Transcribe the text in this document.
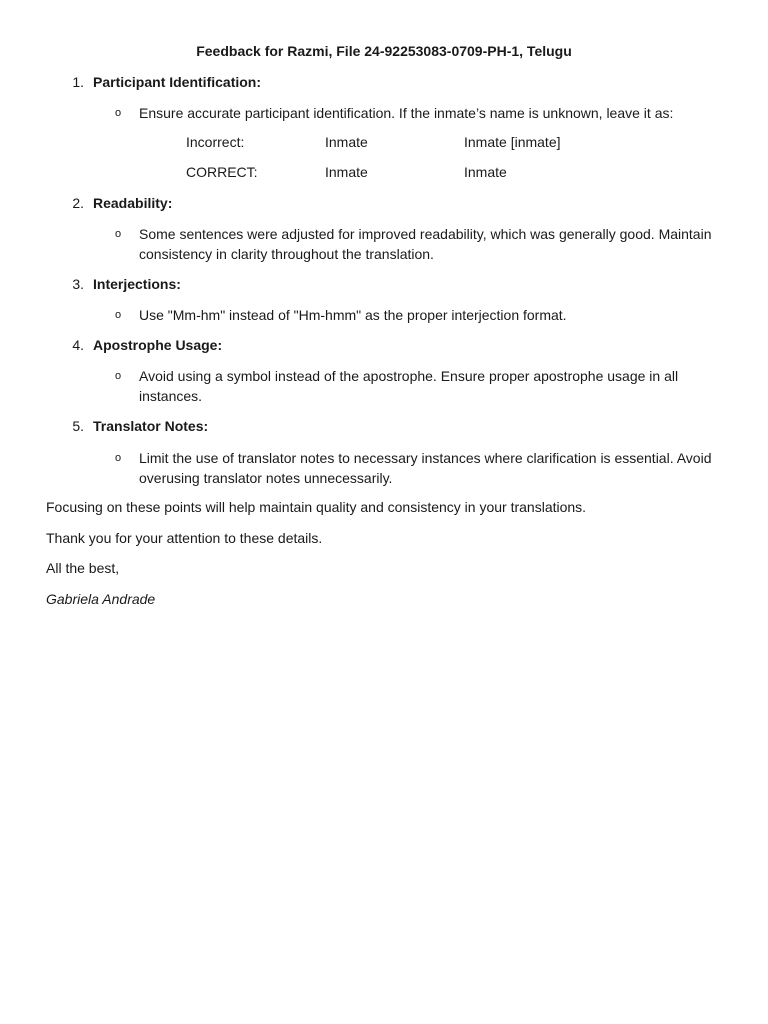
Feedback for Razmi, File 24-92253083-0709-PH-1, Telugu
1. Participant Identification:
o Ensure accurate participant identification. If the inmate’s name is unknown, leave it as:
Incorrect:	Inmate	Inmate [inmate]
CORRECT:	Inmate	Inmate
2. Readability:
o Some sentences were adjusted for improved readability, which was generally good. Maintain consistency in clarity throughout the translation.
3. Interjections:
o Use "Mm-hm" instead of "Hm-hmm" as the proper interjection format.
4. Apostrophe Usage:
o Avoid using a symbol instead of the apostrophe. Ensure proper apostrophe usage in all instances.
5. Translator Notes:
o Limit the use of translator notes to necessary instances where clarification is essential. Avoid overusing translator notes unnecessarily.
Focusing on these points will help maintain quality and consistency in your translations.
Thank you for your attention to these details.
All the best,
Gabriela Andrade
